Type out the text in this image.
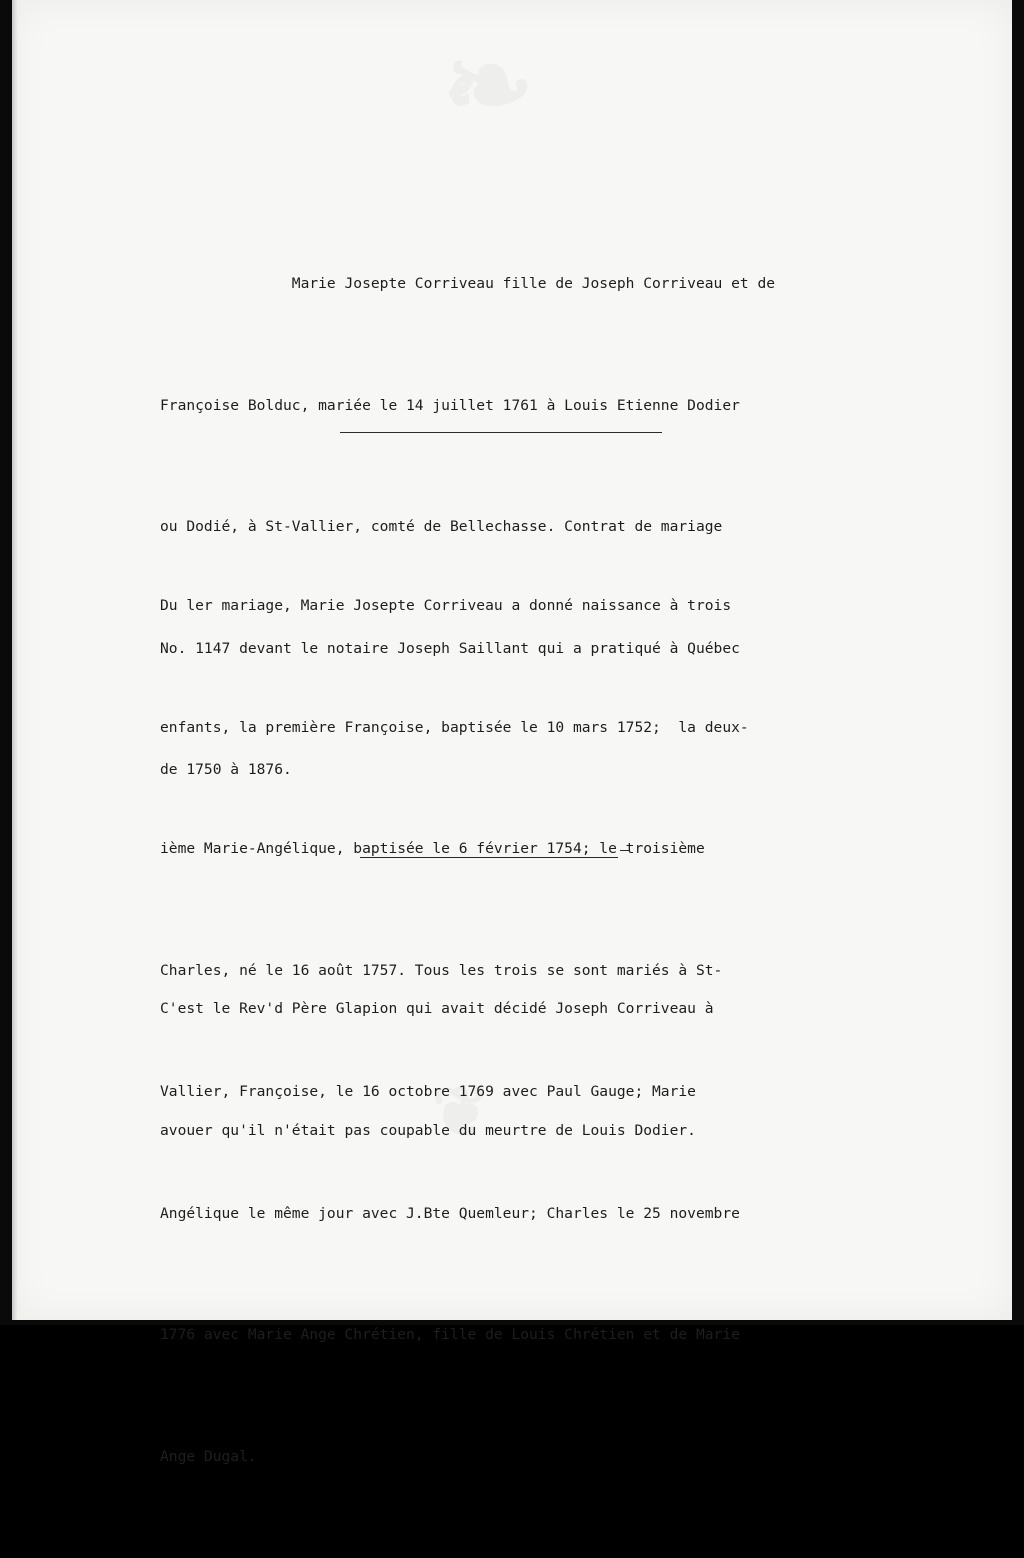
Marie Josepte Corriveau fille de Joseph Corriveau et de

Françoise Bolduc, mariée le 14 juillet 1761 à Louis Etienne Dodier

ou Dodié, à St-Vallier, comté de Bellechasse. Contrat de mariage

No. 1147 devant le notaire Joseph Saillant qui a pratiqué à Québec

de 1750 à 1876.

Du ler mariage, Marie Josepte Corriveau a donné naissance à trois

enfants, la première Françoise, baptisée le 10 mars 1752;  la deux-

ième Marie-Angélique, baptisée le 6 février 1754; le troisième

Charles, né le 16 août 1757. Tous les trois se sont mariés à St-

Vallier, Françoise, le 16 octobre 1769 avec Paul Gauge; Marie

Angélique le même jour avec J.Bte Quemleur; Charles le 25 novembre

1776 avec Marie Ange Chrétien, fille de Louis Chrétien et de Marie

Ange Dugal.

C'est le Rev'd Père Glapion qui avait décidé Joseph Corriveau à

avouer qu'il n'était pas coupable du meurtre de Louis Dodier.
